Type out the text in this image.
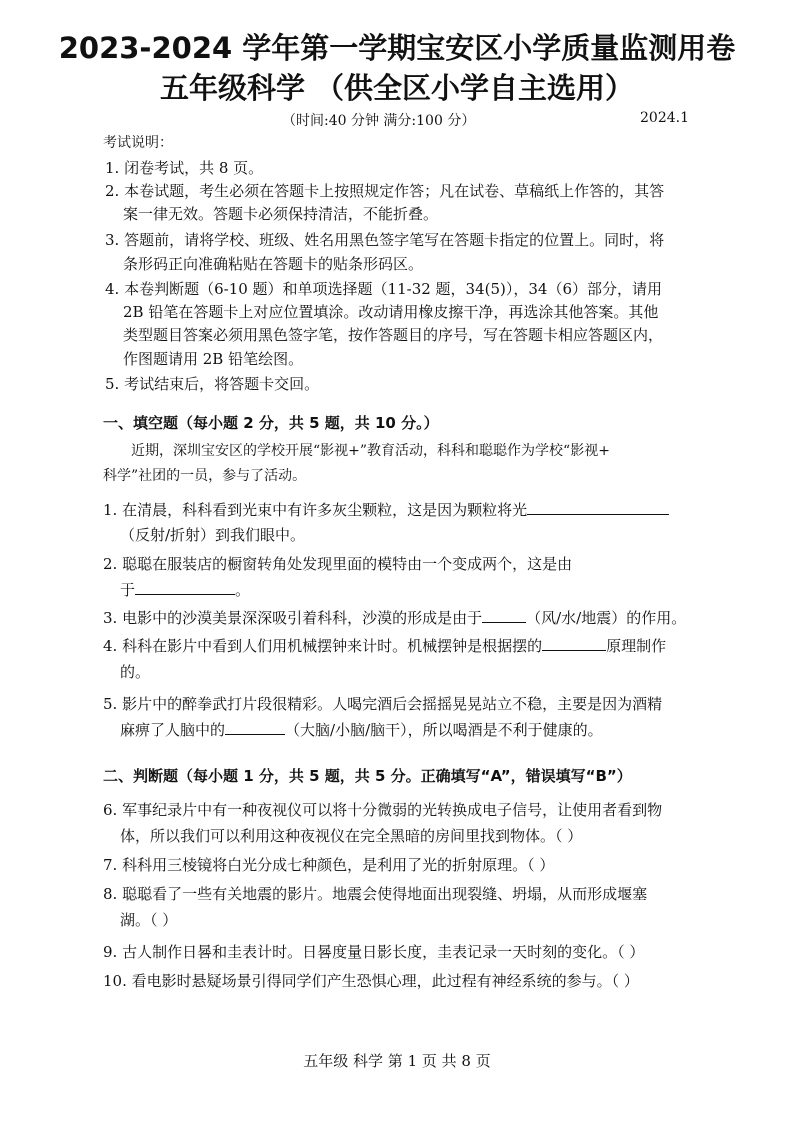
2023-2024 学年第一学期宝安区小学质量监测用卷
五年级科学 （供全区小学自主选用）
（时间:40 分钟 满分:100 分）	2024.1
考试说明：
1. 闭卷考试，共 8 页。
2. 本卷试题，考生必须在答题卡上按照规定作答；凡在试卷、草稿纸上作答的，其答
案一律无效。答题卡必须保持清洁，不能折叠。
3. 答题前，请将学校、班级、姓名用黑色签字笔写在答题卡指定的位置上。同时，将
条形码正向准确粘贴在答题卡的贴条形码区。
4. 本卷判断题（6-10 题）和单项选择题（11-32 题，34(5)），34（6）部分，请用
2B 铅笔在答题卡上对应位置填涂。改动请用橡皮擦干净，再选涂其他答案。其他
类型题目答案必须用黑色签字笔，按作答题目的序号，写在答题卡相应答题区内，
作图题请用 2B 铅笔绘图。
5. 考试结束后，将答题卡交回。
一、填空题（每小题 2 分，共 5 题，共 10 分。）
近期，深圳宝安区的学校开展“影视+”教育活动，科科和聪聪作为学校“影视+
科学”社团的一员，参与了活动。
1. 在清晨，科科看到光束中有许多灰尘颗粒，这是因为颗粒将光
（反射/折射）到我们眼中。
2. 聪聪在服装店的橱窗转角处发现里面的模特由一个变成两个，这是由
于	。
3. 电影中的沙漠美景深深吸引着科科，沙漠的形成是由于	（风/水/地震）的作用。
4. 科科在影片中看到人们用机械摆钟来计时。机械摆钟是根据摆的	原理制作
的。
5. 影片中的醉拳武打片段很精彩。人喝完酒后会摇摇晃晃站立不稳，主要是因为酒精
麻痹了人脑中的	（大脑/小脑/脑干），所以喝酒是不利于健康的。
二、判断题（每小题 1 分，共 5 题，共 5 分。正确填写“A”，错误填写“B”）
6. 军事纪录片中有一种夜视仪可以将十分微弱的光转换成电子信号，让使用者看到物
体，所以我们可以利用这种夜视仪在完全黑暗的房间里找到物体。（ ）
7. 科科用三棱镜将白光分成七种颜色，是利用了光的折射原理。（ ）
8. 聪聪看了一些有关地震的影片。地震会使得地面出现裂缝、坍塌，从而形成堰塞
湖。（ ）
9. 古人制作日晷和圭表计时。日晷度量日影长度，圭表记录一天时刻的变化。（ ）
10. 看电影时悬疑场景引得同学们产生恐惧心理，此过程有神经系统的参与。（ ）
五年级 科学 第 1 页 共 8 页
